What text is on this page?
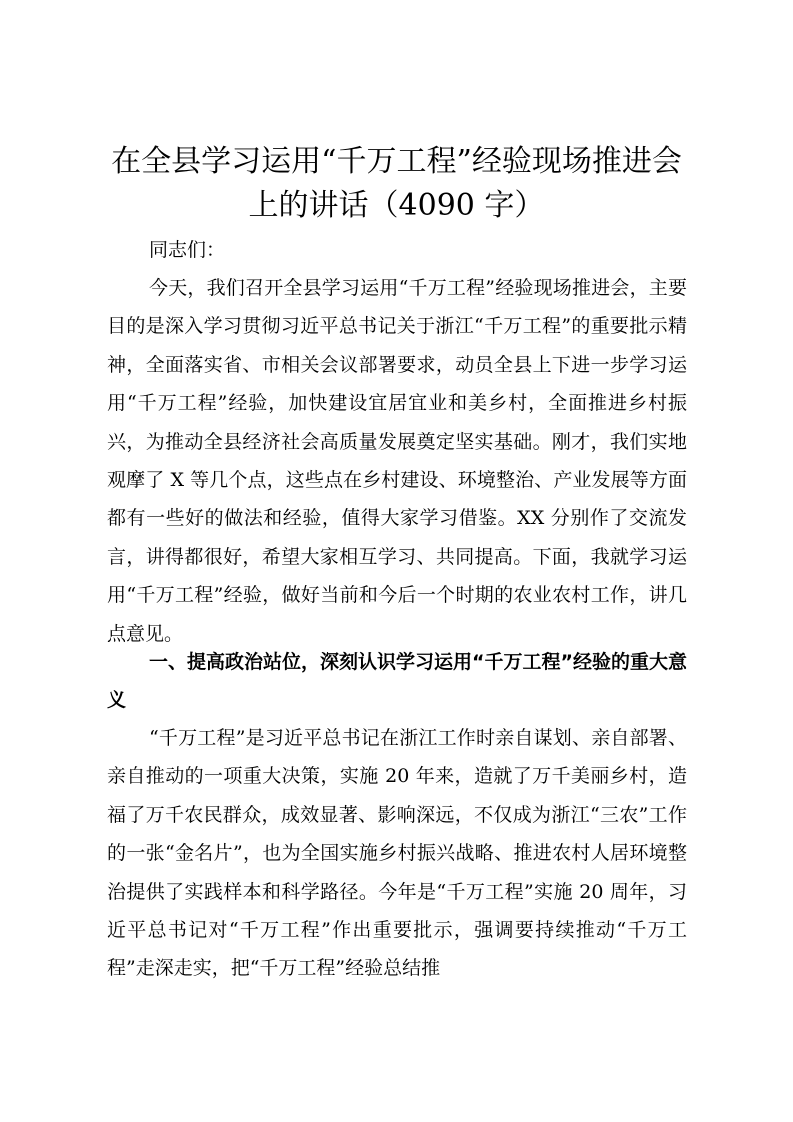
在全县学习运用“千万工程”经验现场推进会
上的讲话（4090 字）
同志们：
今天，我们召开全县学习运用“千万工程”经验现场推进会，主要目的是深入学习贯彻习近平总书记关于浙江“千万工程”的重要批示精神，全面落实省、市相关会议部署要求，动员全县上下进一步学习运用“千万工程”经验，加快建设宜居宜业和美乡村，全面推进乡村振兴，为推动全县经济社会高质量发展奠定坚实基础。刚才，我们实地观摩了 X 等几个点，这些点在乡村建设、环境整治、产业发展等方面都有一些好的做法和经验，值得大家学习借鉴。XX 分别作了交流发言，讲得都很好，希望大家相互学习、共同提高。下面，我就学习运用“千万工程”经验，做好当前和今后一个时期的农业农村工作，讲几点意见。
一、提高政治站位，深刻认识学习运用“千万工程”经验的重大意义
“千万工程”是习近平总书记在浙江工作时亲自谋划、亲自部署、亲自推动的一项重大决策，实施 20 年来，造就了万千美丽乡村，造福了万千农民群众，成效显著、影响深远，不仅成为浙江“三农”工作的一张“金名片”，也为全国实施乡村振兴战略、推进农村人居环境整治提供了实践样本和科学路径。今年是“千万工程”实施 20 周年，习近平总书记对“千万工程”作出重要批示，强调要持续推动“千万工程”走深走实，把“千万工程”经验总结推
